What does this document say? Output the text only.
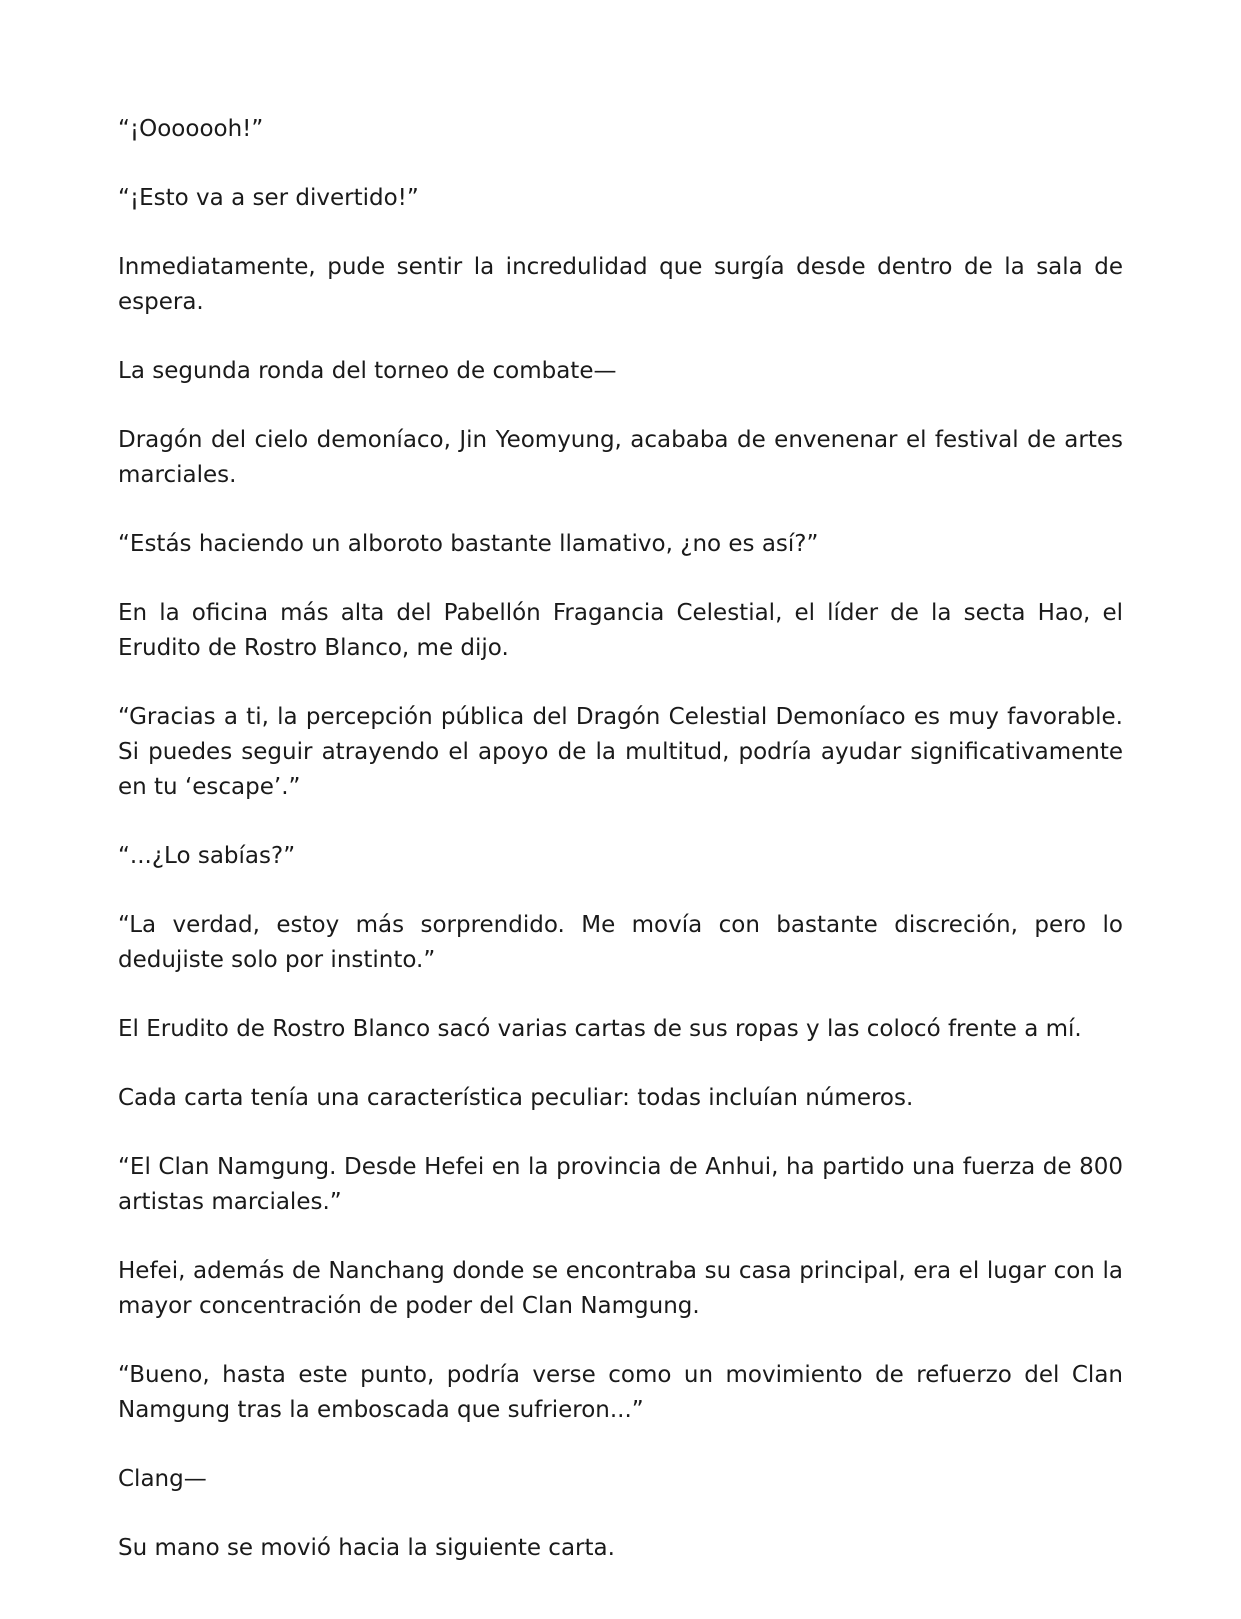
“¡Ooooooh!”

“¡Esto va a ser divertido!”

Inmediatamente, pude sentir la incredulidad que surgía desde dentro de la sala de espera.

La segunda ronda del torneo de combate—

Dragón del cielo demoníaco, Jin Yeomyung, acababa de envenenar el festival de artes marciales.

“Estás haciendo un alboroto bastante llamativo, ¿no es así?”

En la oficina más alta del Pabellón Fragancia Celestial, el líder de la secta Hao, el Erudito de Rostro Blanco, me dijo.

“Gracias a ti, la percepción pública del Dragón Celestial Demoníaco es muy favorable. Si puedes seguir atrayendo el apoyo de la multitud, podría ayudar significativamente en tu ‘escape’.”

“...¿Lo sabías?”

“La verdad, estoy más sorprendido. Me movía con bastante discreción, pero lo dedujiste solo por instinto.”

El Erudito de Rostro Blanco sacó varias cartas de sus ropas y las colocó frente a mí.

Cada carta tenía una característica peculiar: todas incluían números.

“El Clan Namgung. Desde Hefei en la provincia de Anhui, ha partido una fuerza de 800 artistas marciales.”

Hefei, además de Nanchang donde se encontraba su casa principal, era el lugar con la mayor concentración de poder del Clan Namgung.

“Bueno, hasta este punto, podría verse como un movimiento de refuerzo del Clan Namgung tras la emboscada que sufrieron...”

Clang—

Su mano se movió hacia la siguiente carta.
